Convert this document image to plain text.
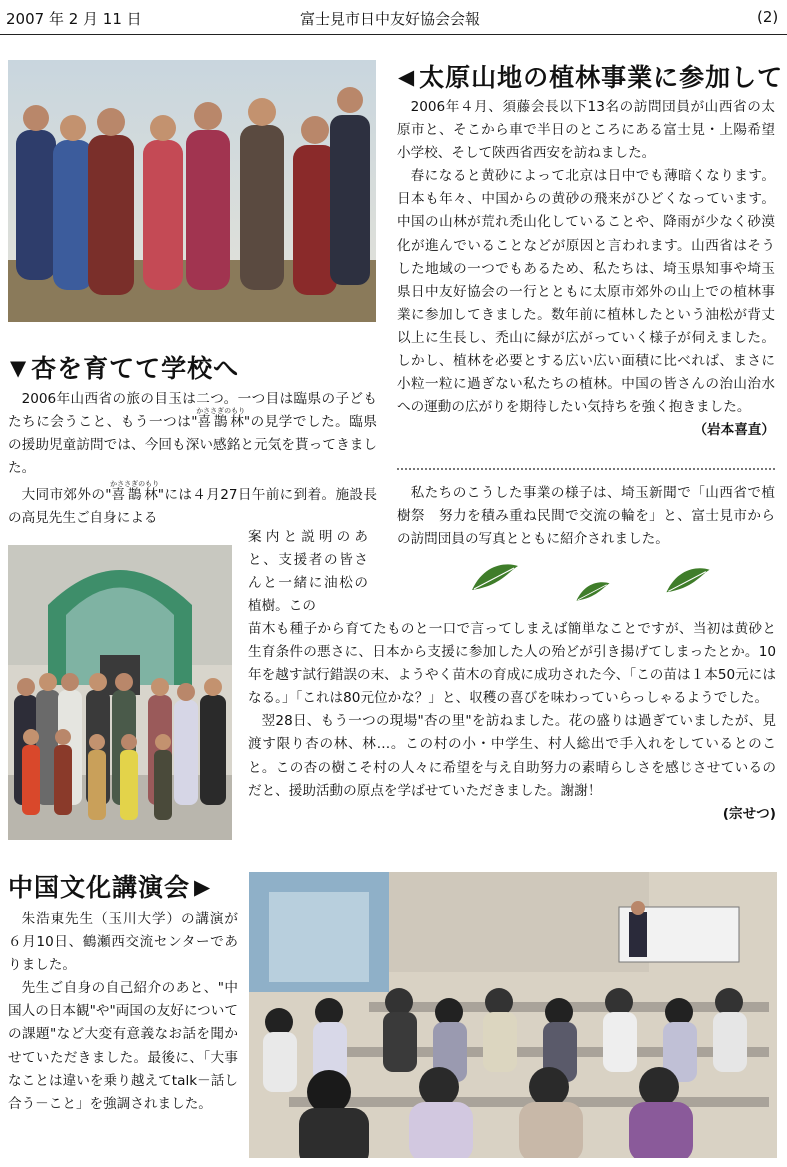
2007 年 2 月 11 日	富士見市日中友好協会会報	(2)
◀ 太原山地の植林事業に参加して
2006年４月、須藤会長以下13名の訪問団員が山西省の太原市と、そこから車で半日のところにある富士見・上陽希望小学校、そして陝西省西安を訪ねました。
春になると黄砂によって北京は日中でも薄暗くなります。日本も年々、中国からの黄砂の飛来がひどくなっています。中国の山林が荒れ禿山化していることや、降雨が少なく砂漠化が進んでいることなどが原因と言われます。山西省はそうした地域の一つでもあるため、私たちは、埼玉県知事や埼玉県日中友好協会の一行とともに太原市郊外の山上での植林事業に参加してきました。数年前に植林したという油松が背丈以上に生長し、禿山に緑が広がっていく様子が伺えました。しかし、植林を必要とする広い広い面積に比べれば、まさに小粒一粒に過ぎない私たちの植林。中国の皆さんの治山治水への運動の広がりを期待したい気持ちを強く抱きました。
（岩本喜直）
私たちのこうした事業の様子は、埼玉新聞で「山西省で植樹祭　努力を積み重ね民間で交流の輪を」と、富士見市からの訪問団員の写真とともに紹介されました。
▼ 杏を育てて学校へ
2006年山西省の旅の目玉は二つ。一つ目は臨県の子どもたちに会うこと、もう一つは"喜鵲林かささぎのもり"の見学でした。臨県の援助児童訪問では、今回も深い感銘と元気を貰ってきました。
大同市郊外の"喜鵲林かささぎのもり"には４月27日午前に到着。施設長の高見先生ご自身による
案内と説明のあと、支援者の皆さんと一緒に油松の植樹。この
苗木も種子から育てたものと一口で言ってしまえば簡単なことですが、当初は黄砂と生育条件の悪さに、日本から支援に参加した人の殆どが引き揚げてしまったとか。10年を越す試行錯誤の末、ようやく苗木の育成に成功された今、「この苗は１本50元にはなる。」「これは80元位かな？」と、収穫の喜びを味わっていらっしゃるようでした。
翌28日、もう一つの現場"杏の里"を訪ねました。花の盛りは過ぎていましたが、見渡す限り杏の林、林…。この村の小・中学生、村人総出で手入れをしているとのこと。この杏の樹こそ村の人々に希望を与え自助努力の素晴らしさを感じさせているのだと、援助活動の原点を学ばせていただきました。謝謝！
(宗せつ)
中国文化講演会 ▶
朱浩東先生（玉川大学）の講演が６月10日、鶴瀬西交流センターでありました。
先生ご自身の自己紹介のあと、"中国人の日本観"や"両国の友好についての課題"など大変有意義なお話を聞かせていただきました。最後に、「大事なことは違いを乗り越えてtalk－話し合う－こと」を強調されました。
